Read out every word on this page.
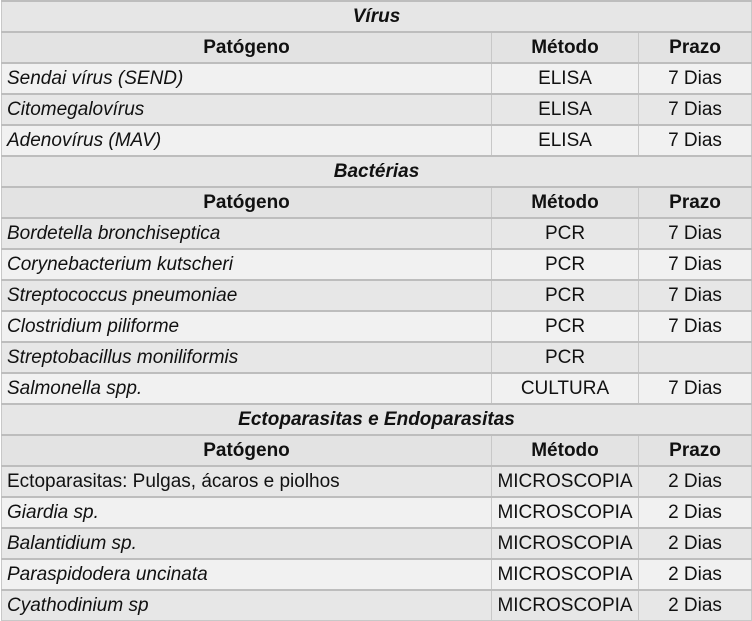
Vírus		
Patógeno	Método	Prazo
Sendai vírus (SEND)	ELISA	7 Dias
Citomegalovírus	ELISA	7 Dias
Adenovírus (MAV)	ELISA	7 Dias
Bactérias		
Patógeno	Método	Prazo
Bordetella bronchiseptica	PCR	7 Dias
Corynebacterium kutscheri	PCR	7 Dias
Streptococcus pneumoniae	PCR	7 Dias
Clostridium piliforme	PCR	7 Dias
Streptobacillus moniliformis	PCR	
Salmonella spp.	CULTURA	7 Dias
Ectoparasitas e Endoparasitas		
Patógeno	Método	Prazo
Ectoparasitas: Pulgas, ácaros e piolhos	MICROSCOPIA	2 Dias
Giardia sp.	MICROSCOPIA	2 Dias
Balantidium sp.	MICROSCOPIA	2 Dias
Paraspidodera uncinata	MICROSCOPIA	2 Dias
Cyathodinium sp	MICROSCOPIA	2 Dias
